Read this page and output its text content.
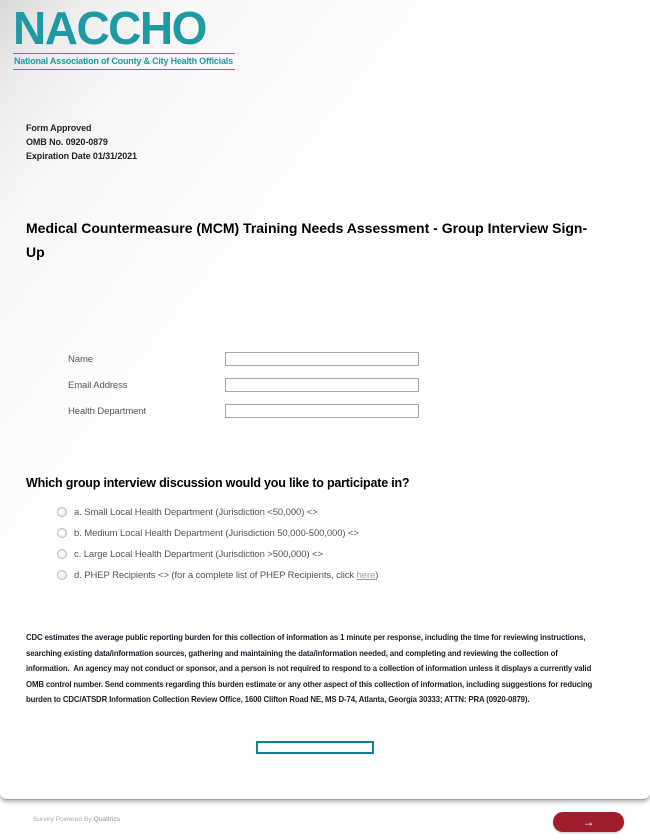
NACCHO
National Association of County & City Health Officials
Form Approved
OMB No. 0920-0879
Expiration Date 01/31/2021
Medical Countermeasure (MCM) Training Needs Assessment - Group Interview Sign-Up
Name
Email Address
Health Department
Which group interview discussion would you like to participate in?
a. Small Local Health Department (Jurisdiction <50,000) <>
b. Medium Local Health Department (Jurisdiction 50,000-500,000) <>
c. Large Local Health Department (Jurisdiction >500,000) <>
d. PHEP Recipients <> (for a complete list of PHEP Recipients, click here)
CDC estimates the average public reporting burden for this collection of information as 1 minute per response, including the time for reviewing instructions,
searching existing data/information sources, gathering and maintaining the data/information needed, and completing and reviewing the collection of
information.  An agency may not conduct or sponsor, and a person is not required to respond to a collection of information unless it displays a currently valid
OMB control number. Send comments regarding this burden estimate or any other aspect of this collection of information, including suggestions for reducing
burden to CDC/ATSDR Information Collection Review Office, 1600 Clifton Road NE, MS D-74, Atlanta, Georgia 30333; ATTN: PRA (0920-0879).
Survey Powered By Qualtrics	→
